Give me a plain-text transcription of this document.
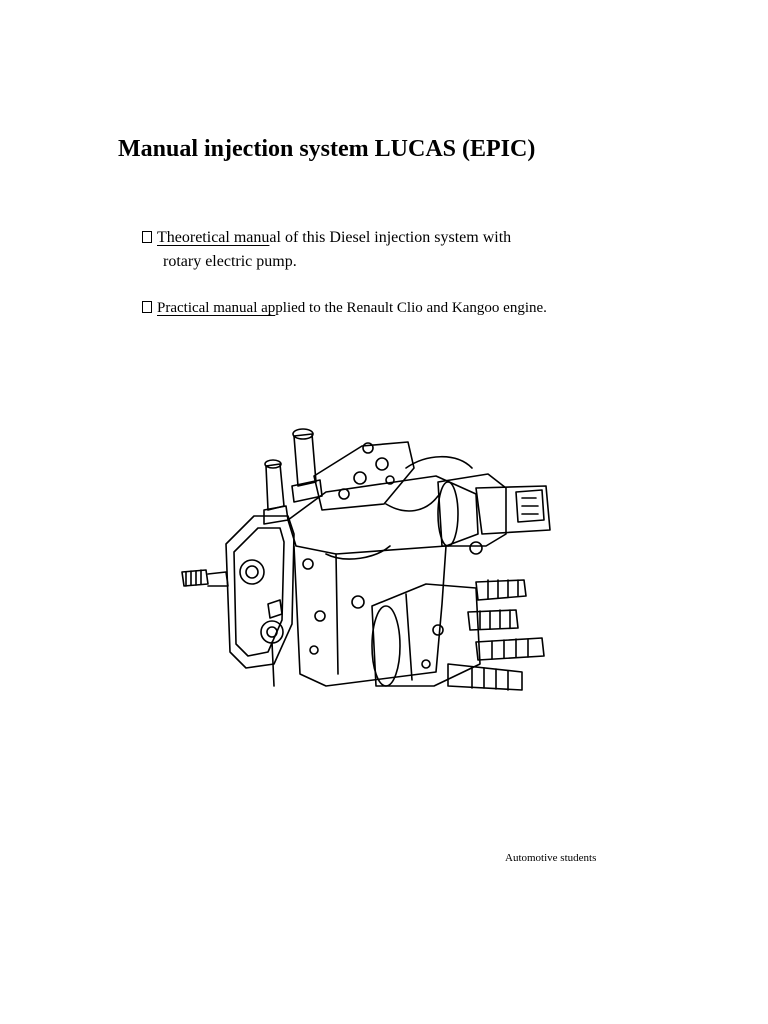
Manual injection system LUCAS (EPIC)
Theoretical manual of this Diesel injection system with
rotary electric pump.
Practical manual applied to the Renault Clio and Kangoo engine.
Automotive students
